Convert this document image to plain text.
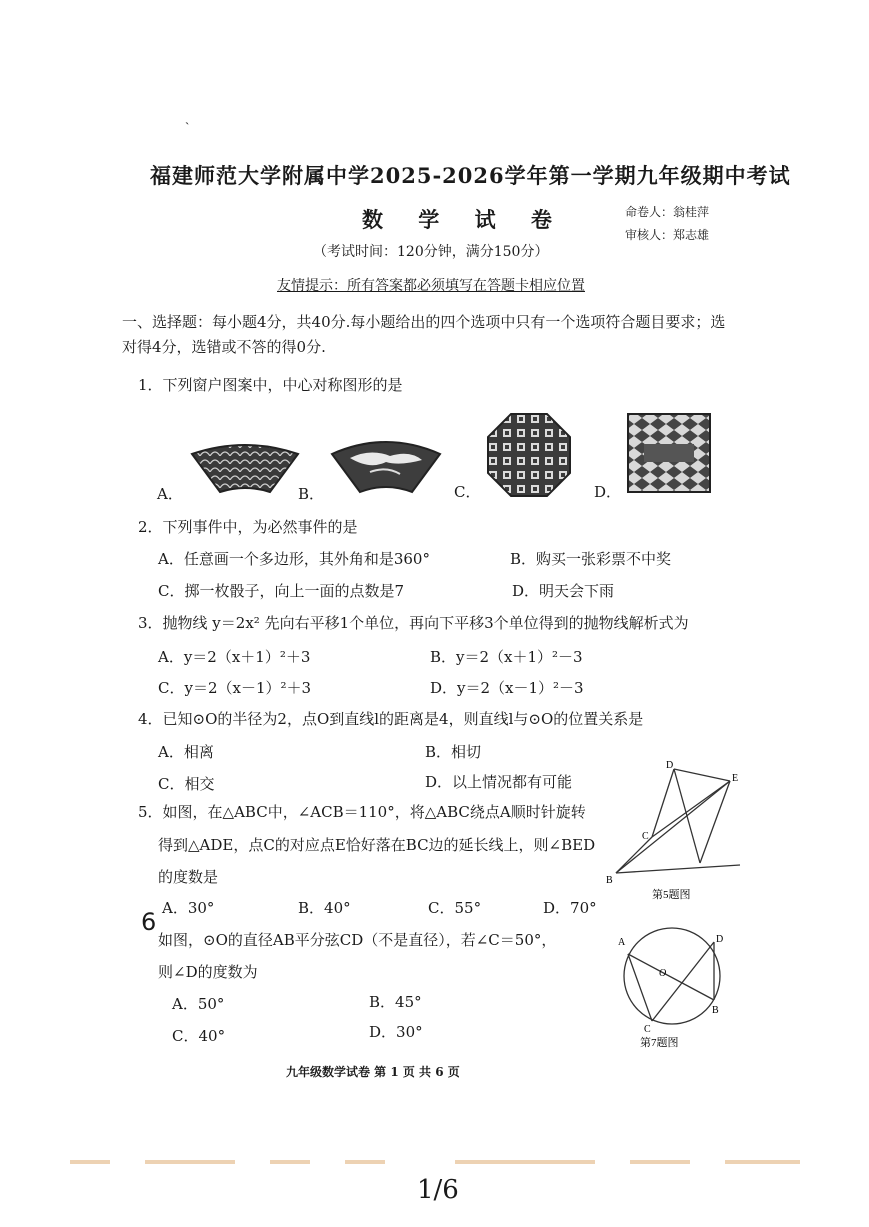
ˏ
福建师范大学附属中学2025-2026学年第一学期九年级期中考试
数 学 试 卷	命卷人：翁桂萍
审核人：郑志雄
（考试时间：120分钟，满分150分）
友情提示：所有答案都必须填写在答题卡相应位置
一、选择题：每小题4分，共40分.每小题给出的四个选项中只有一个选项符合题目要求；选
对得4分，选错或不答的得0分.
1．下列窗户图案中，中心对称图形的是
A．	B．	C．	D．
2．下列事件中，为必然事件的是
A．任意画一个多边形，其外角和是360°	B．购买一张彩票不中奖
C．掷一枚骰子，向上一面的点数是7	D．明天会下雨
3．抛物线 y＝2x² 先向右平移1个单位，再向下平移3个单位得到的抛物线解析式为
A．y＝2（x＋1）²＋3	B．y＝2（x＋1）²－3
C．y＝2（x－1）²＋3	D．y＝2（x－1）²－3
4．已知⊙O的半径为2，点O到直线l的距离是4，则直线l与⊙O的位置关系是
A．相离	B．相切
C．相交	D．以上情况都有可能
5．如图，在△ABC中，∠ACB＝110°，将△ABC绕点A顺时针旋转
得到△ADE，点C的对应点E恰好落在BC边的延长线上，则∠BED
的度数是
A．30°	B．40°	C．55°	D．70°
D
E
C
B
第5题图
6
如图，⊙O的直径AB平分弦CD（不是直径），若∠C＝50°，
则∠D的度数为
A．50°	B．45°
C．40°	D．30°
A	D
O
B
C
第7题图
九年级数学试卷 第 1 页 共 6 页
1/6
